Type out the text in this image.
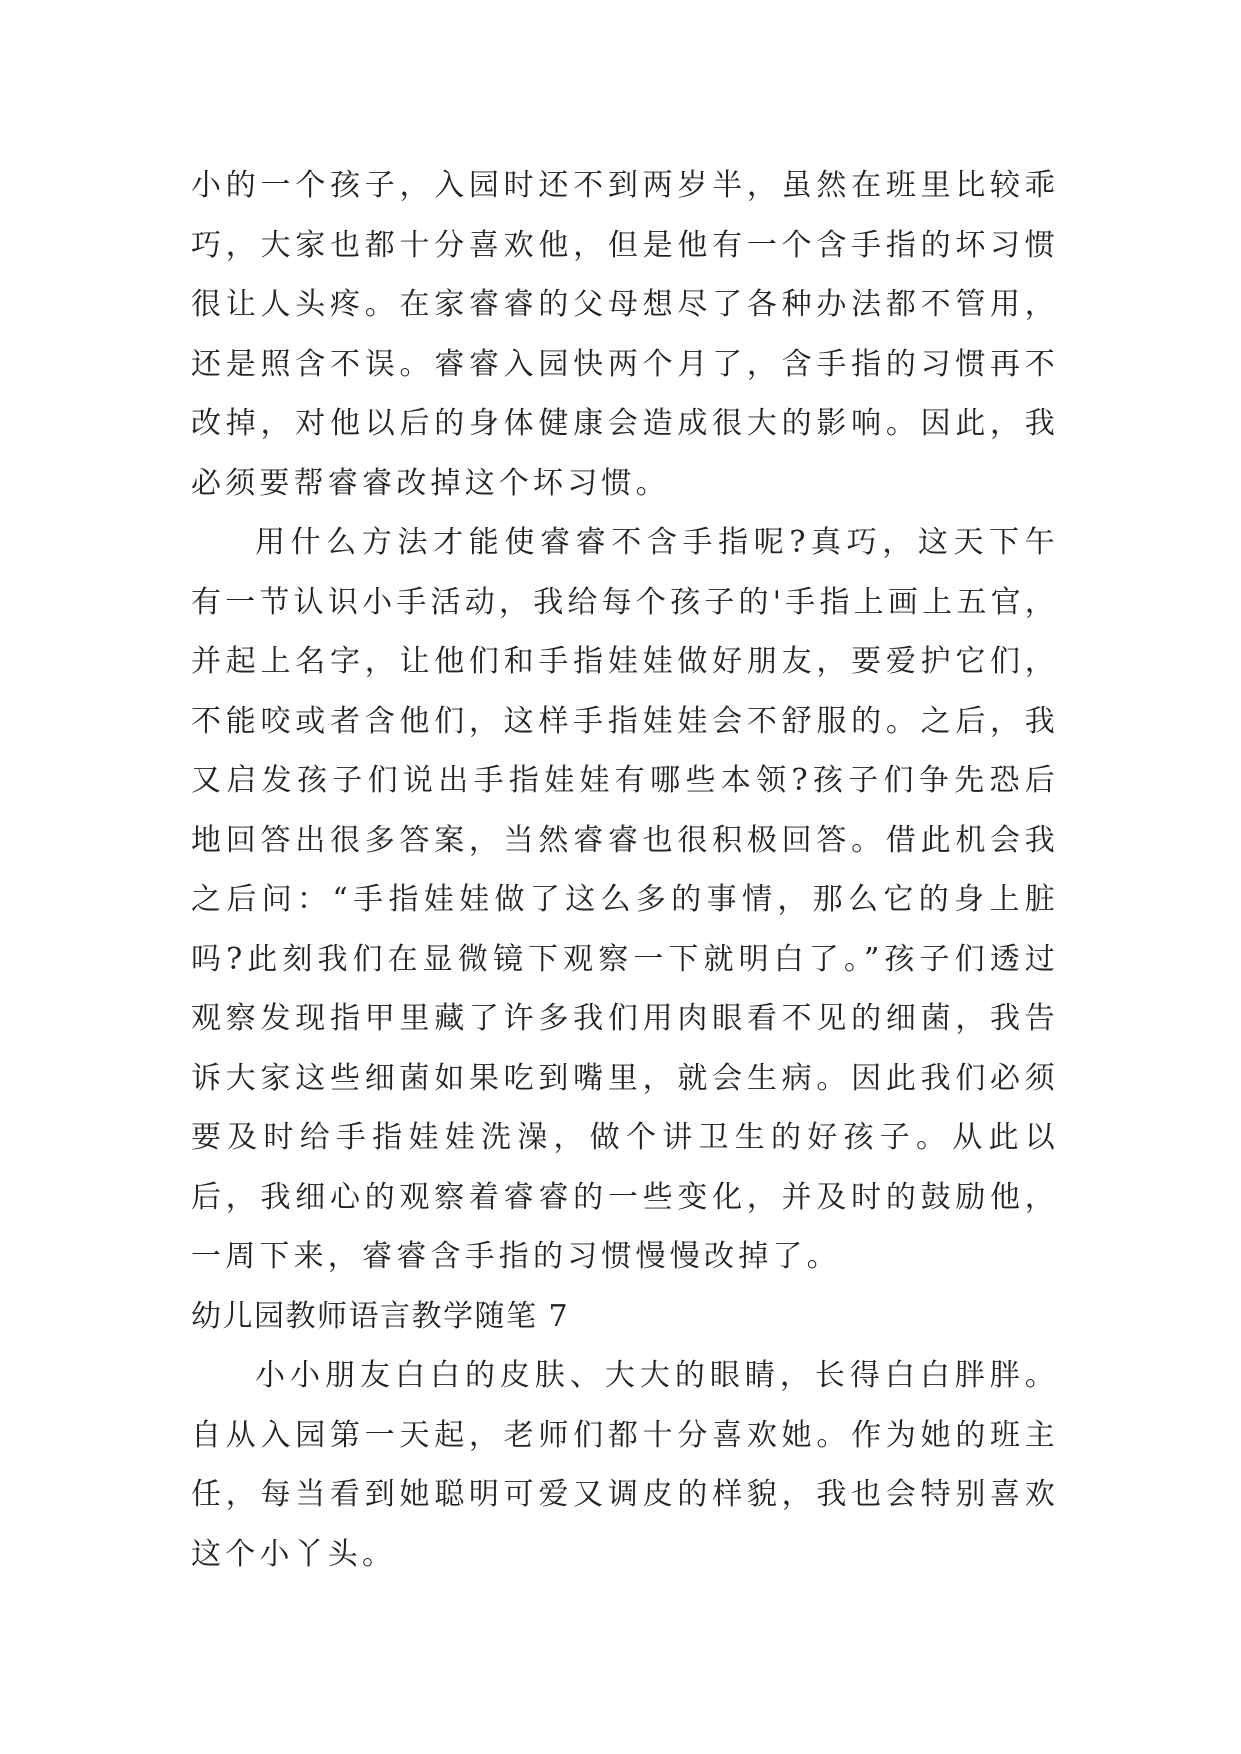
小的一个孩子，入园时还不到两岁半，虽然在班里比较乖巧，大家也都十分喜欢他，但是他有一个含手指的坏习惯很让人头疼。在家睿睿的父母想尽了各种办法都不管用，还是照含不误。睿睿入园快两个月了，含手指的习惯再不改掉，对他以后的身体健康会造成很大的影响。因此，我必须要帮睿睿改掉这个坏习惯。

用什么方法才能使睿睿不含手指呢?真巧，这天下午有一节认识小手活动，我给每个孩子的'手指上画上五官，并起上名字，让他们和手指娃娃做好朋友，要爱护它们，不能咬或者含他们，这样手指娃娃会不舒服的。之后，我又启发孩子们说出手指娃娃有哪些本领?孩子们争先恐后地回答出很多答案，当然睿睿也很积极回答。借此机会我之后问：“手指娃娃做了这么多的事情，那么它的身上脏吗?此刻我们在显微镜下观察一下就明白了。”孩子们透过观察发现指甲里藏了许多我们用肉眼看不见的细菌，我告诉大家这些细菌如果吃到嘴里，就会生病。因此我们必须要及时给手指娃娃洗澡，做个讲卫生的好孩子。从此以后，我细心的观察着睿睿的一些变化，并及时的鼓励他，一周下来，睿睿含手指的习惯慢慢改掉了。

幼儿园教师语言教学随笔 7

小小朋友白白的皮肤、大大的眼睛，长得白白胖胖。自从入园第一天起，老师们都十分喜欢她。作为她的班主任，每当看到她聪明可爱又调皮的样貌，我也会特别喜欢这个小丫头。
